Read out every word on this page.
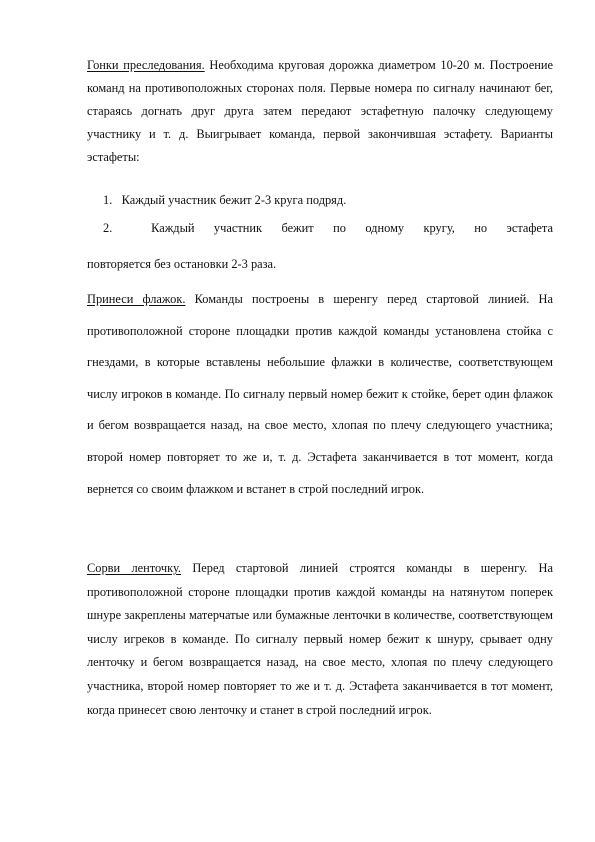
Гонки преследования. Необходима круговая дорожка диаметром 10-20 м. Построение команд на противоположных сторонах поля. Первые номера по сигналу начинают бег, стараясь догнать друг друга затем передают эстафетную палочку следующему участнику и т. д. Выигрывает команда, первой закончившая эстафету. Варианты эстафеты:

1. Каждый участник бежит 2-3 круга подряд.

2.	Каждый участник бежит по одному кругу, но эстафета
повторяется без остановки 2-3 раза.

Принеси флажок. Команды построены в шеренгу перед стартовой линией. На противоположной стороне площадки против каждой команды установлена стойка с гнездами, в которые вставлены небольшие флажки в количестве, соответствующем числу игроков в команде. По сигналу первый номер бежит к стойке, берет один флажок и бегом возвращается назад, на свое место, хлопая по плечу следующего участника; второй номер повторяет то же и, т. д. Эстафета заканчивается в тот момент, когда вернется со своим флажком и встанет в строй последний игрок.

Сорви ленточку. Перед стартовой линией строятся команды в шеренгу. На противоположной стороне площадки против каждой команды на натянутом поперек шнуре закреплены матерчатые или бумажные ленточки в количестве, соответствующем числу игреков в команде. По сигналу первый номер бежит к шнуру, срывает одну ленточку и бегом возвращается назад, на свое место, хлопая по плечу следующего участника, второй номер повторяет то же и т. д. Эстафета заканчивается в тот момент, когда принесет свою ленточку и станет в строй последний игрок.
